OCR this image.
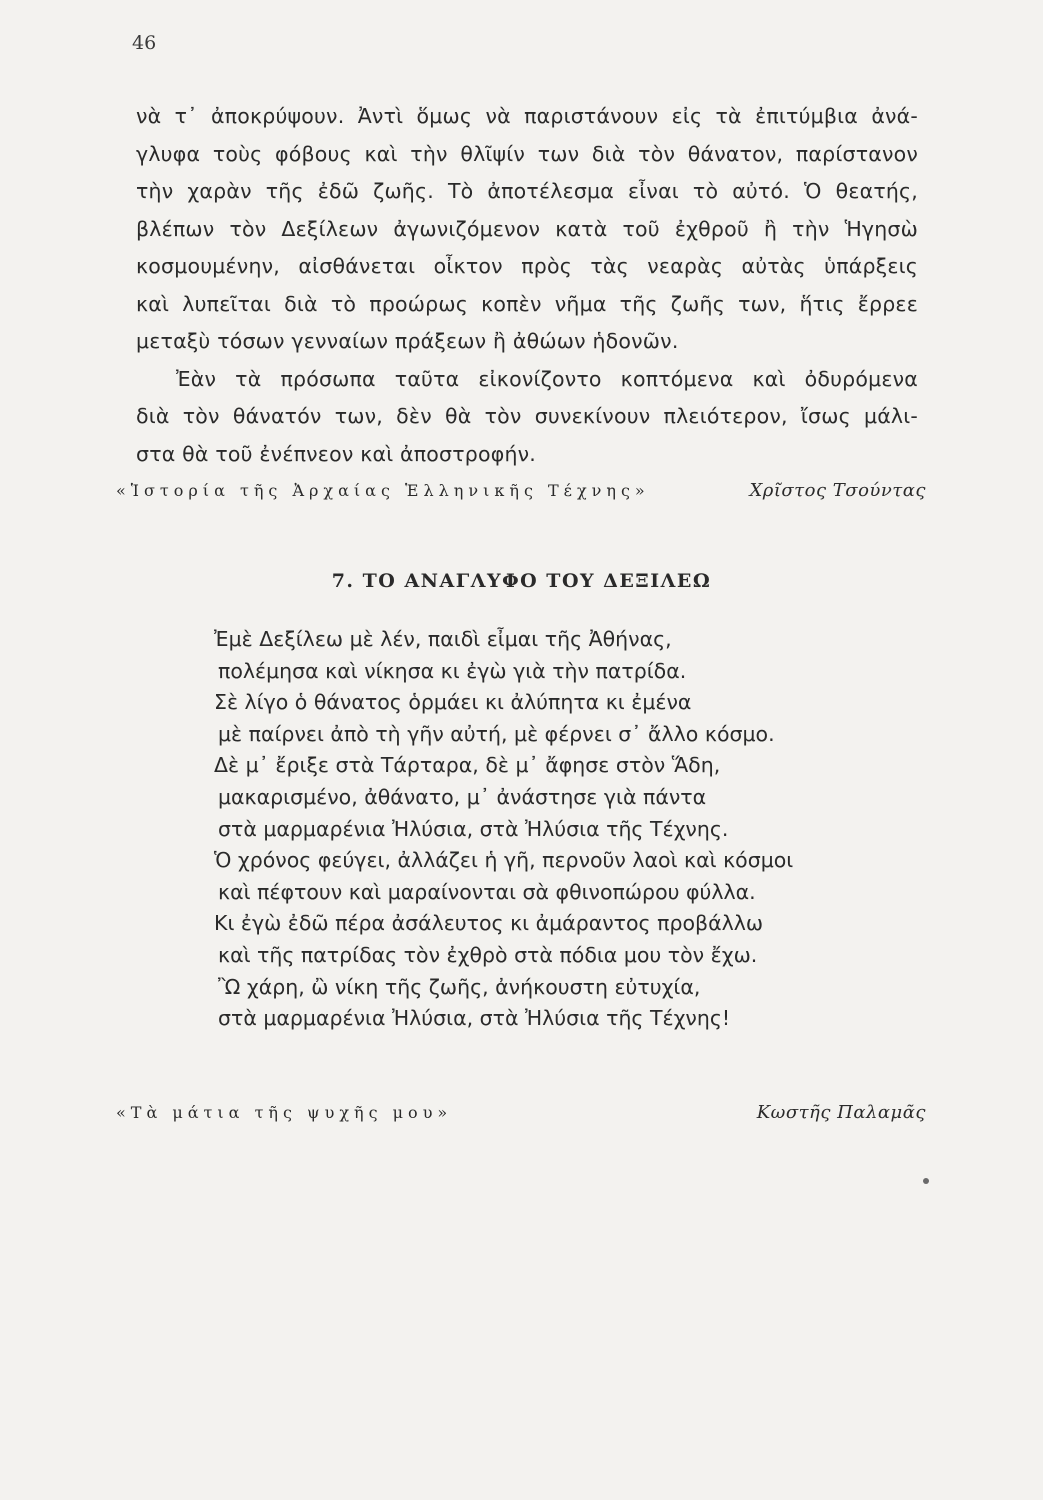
46

νὰ τ᾽ ἀποκρύψουν. Ἀντὶ ὅμως νὰ παριστάνουν εἰς τὰ ἐπιτύμβια ἀνά-
γλυφα τοὺς φόβους καὶ τὴν θλῖψίν των διὰ τὸν θάνατον, παρίστανον
τὴν χαρὰν τῆς ἐδῶ ζωῆς. Τὸ ἀποτέλεσμα εἶναι τὸ αὐτό. Ὁ θεατής,
βλέπων τὸν Δεξίλεων ἀγωνιζόμενον κατὰ τοῦ ἐχθροῦ ἢ τὴν Ἡγησὼ
κοσμουμένην, αἰσθάνεται οἶκτον πρὸς τὰς νεαρὰς αὐτὰς ὑπάρξεις
καὶ λυπεῖται διὰ τὸ προώρως κοπὲν νῆμα τῆς ζωῆς των, ἥτις ἔρρεε
μεταξὺ τόσων γενναίων πράξεων ἢ ἀθώων ἡδονῶν.

Ἐὰν τὰ πρόσωπα ταῦτα εἰκονίζοντο κοπτόμενα καὶ ὀδυρόμενα
διὰ τὸν θάνατόν των, δὲν θὰ τὸν συνεκίνουν πλειότερον, ἴσως μάλι-
στα θὰ τοῦ ἐνέπνεον καὶ ἀποστροφήν.

«Ἱστορία τῆς Ἀρχαίας Ἑλληνικῆς Τέχνης»	Χρῖστος Τσούντας
7. ΤΟ ΑΝΑΓΛΥΦΟ ΤΟΥ ΔΕΞΙΛΕΩ
Ἐμὲ Δεξίλεω μὲ λέν, παιδὶ εἶμαι τῆς Ἀθήνας,
πολέμησα καὶ νίκησα κι ἐγὼ γιὰ τὴν πατρίδα.
Σὲ λίγο ὁ θάνατος ὁρμάει κι ἀλύπητα κι ἐμένα
μὲ παίρνει ἀπὸ τὴ γῆν αὐτή, μὲ φέρνει σ᾽ ἄλλο κόσμο.
Δὲ μ᾽ ἔριξε στὰ Τάρταρα, δὲ μ᾽ ἄφησε στὸν Ἅδη,
μακαρισμένο, ἀθάνατο, μ᾽ ἀνάστησε γιὰ πάντα
στὰ μαρμαρένια Ἠλύσια, στὰ Ἠλύσια τῆς Τέχνης.
Ὁ χρόνος φεύγει, ἀλλάζει ἡ γῆ, περνοῦν λαοὶ καὶ κόσμοι
καὶ πέφτουν καὶ μαραίνονται σὰ φθινοπώρου φύλλα.
Κι ἐγὼ ἐδῶ πέρα ἀσάλευτος κι ἀμάραντος προβάλλω
καὶ τῆς πατρίδας τὸν ἐχθρὸ στὰ πόδια μου τὸν ἔχω.
Ὢ χάρη, ὢ νίκη τῆς ζωῆς, ἀνήκουστη εὐτυχία,
στὰ μαρμαρένια Ἠλύσια, στὰ Ἠλύσια τῆς Τέχνης!
«Τὰ μάτια τῆς ψυχῆς μου»	Κωστῆς Παλαμᾶς
